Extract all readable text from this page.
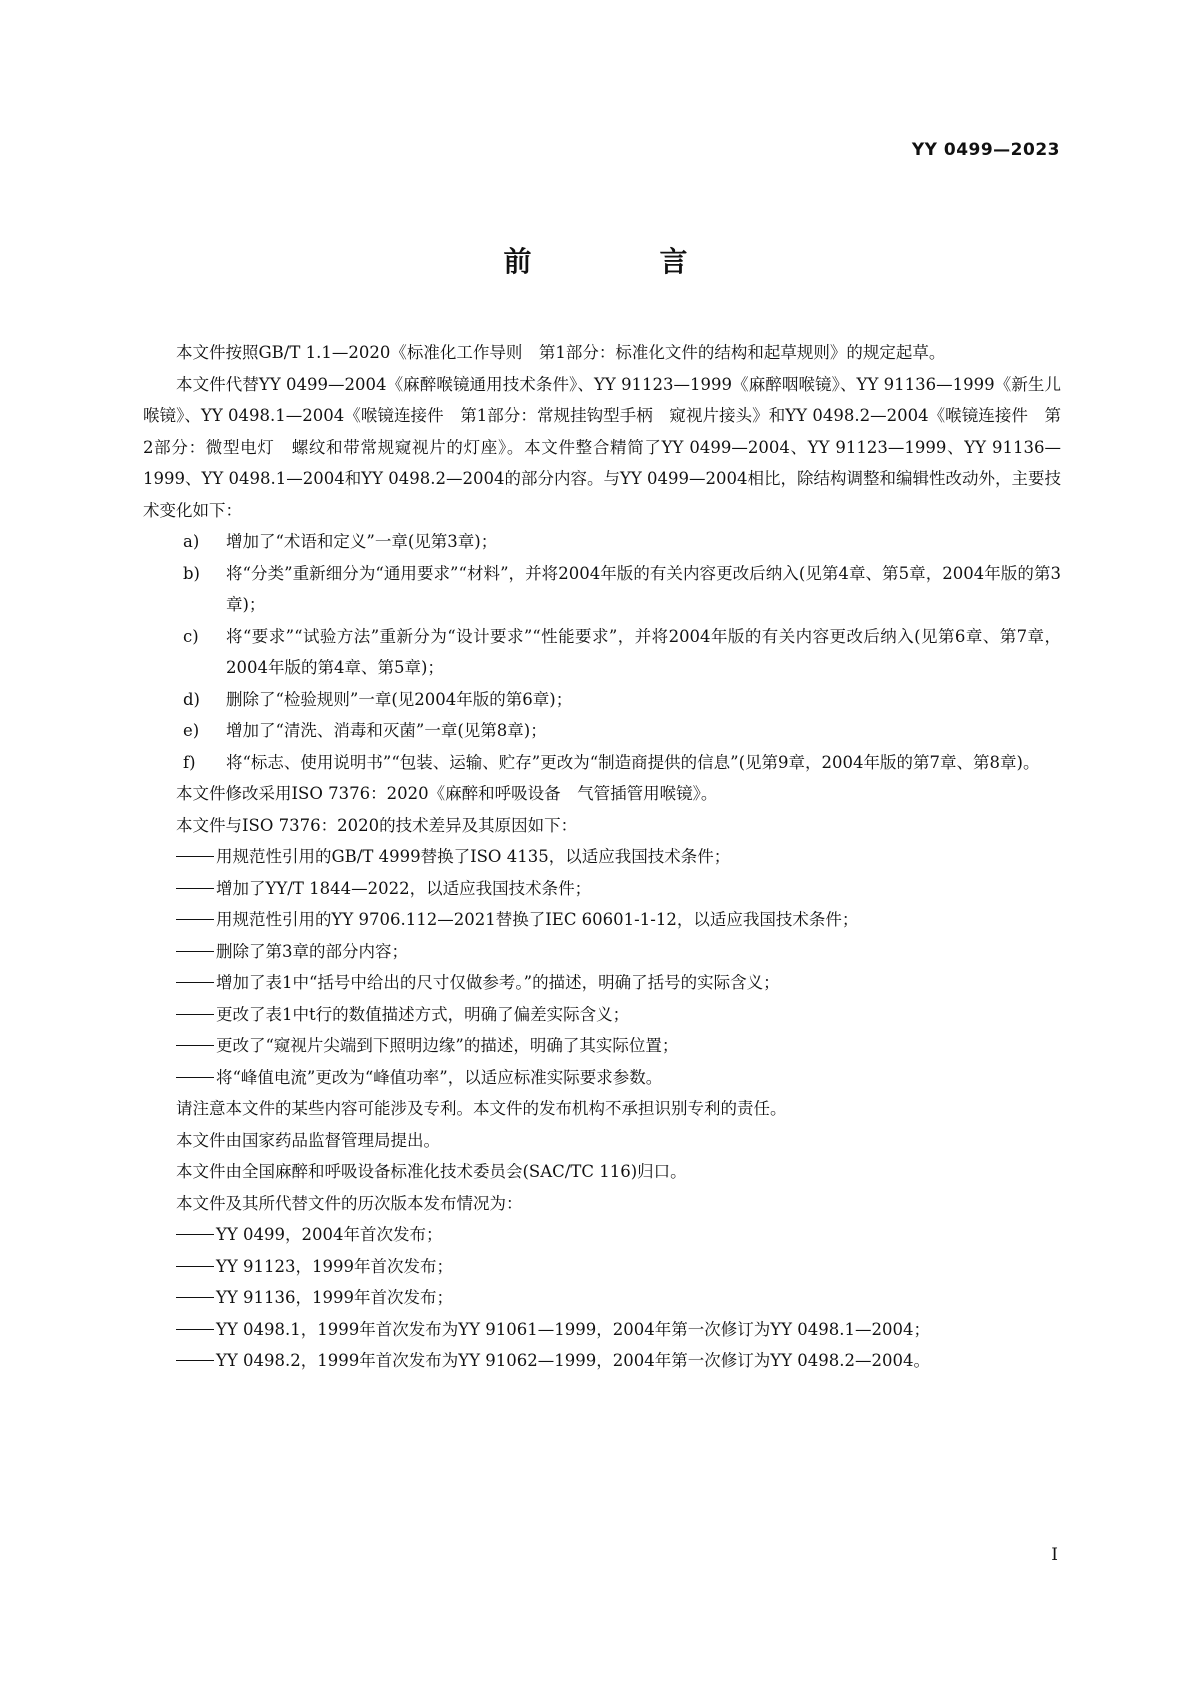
YY 0499—2023
前　言

本文件按照GB/T 1.1—2020《标准化工作导则　第1部分：标准化文件的结构和起草规则》的规定起草。

本文件代替YY 0499—2004《麻醉喉镜通用技术条件》、YY 91123—1999《麻醉咽喉镜》、YY 91136—1999《新生儿喉镜》、YY 0498.1—2004《喉镜连接件　第1部分：常规挂钩型手柄　窥视片接头》和YY 0498.2—2004《喉镜连接件　第2部分：微型电灯　螺纹和带常规窥视片的灯座》。本文件整合精简了YY 0499—2004、YY 91123—1999、YY 91136—1999、YY 0498.1—2004和YY 0498.2—2004的部分内容。与YY 0499—2004相比，除结构调整和编辑性改动外，主要技术变化如下：

a) 增加了“术语和定义”一章(见第3章)；
b) 将“分类”重新细分为“通用要求”“材料”，并将2004年版的有关内容更改后纳入(见第4章、第5章，2004年版的第3章)；
c) 将“要求”“试验方法”重新分为“设计要求”“性能要求”，并将2004年版的有关内容更改后纳入(见第6章、第7章，2004年版的第4章、第5章)；
d) 删除了“检验规则”一章(见2004年版的第6章)；
e) 增加了“清洗、消毒和灭菌”一章(见第8章)；
f) 将“标志、使用说明书”“包装、运输、贮存”更改为“制造商提供的信息”(见第9章，2004年版的第7章、第8章)。

本文件修改采用ISO 7376：2020《麻醉和呼吸设备　气管插管用喉镜》。

本文件与ISO 7376：2020的技术差异及其原因如下：

用规范性引用的GB/T 4999替换了ISO 4135，以适应我国技术条件；
增加了YY/T 1844—2022，以适应我国技术条件；
用规范性引用的YY 9706.112—2021替换了IEC 60601-1-12，以适应我国技术条件；
删除了第3章的部分内容；
增加了表1中“括号中给出的尺寸仅做参考。”的描述，明确了括号的实际含义；
更改了表1中t行的数值描述方式，明确了偏差实际含义；
更改了“窥视片尖端到下照明边缘”的描述，明确了其实际位置；
将“峰值电流”更改为“峰值功率”，以适应标准实际要求参数。

请注意本文件的某些内容可能涉及专利。本文件的发布机构不承担识别专利的责任。

本文件由国家药品监督管理局提出。

本文件由全国麻醉和呼吸设备标准化技术委员会(SAC/TC 116)归口。

本文件及其所代替文件的历次版本发布情况为：

YY 0499，2004年首次发布；
YY 91123，1999年首次发布；
YY 91136，1999年首次发布；
YY 0498.1，1999年首次发布为YY 91061—1999，2004年第一次修订为YY 0498.1—2004；
YY 0498.2，1999年首次发布为YY 91062—1999，2004年第一次修订为YY 0498.2—2004。
I
